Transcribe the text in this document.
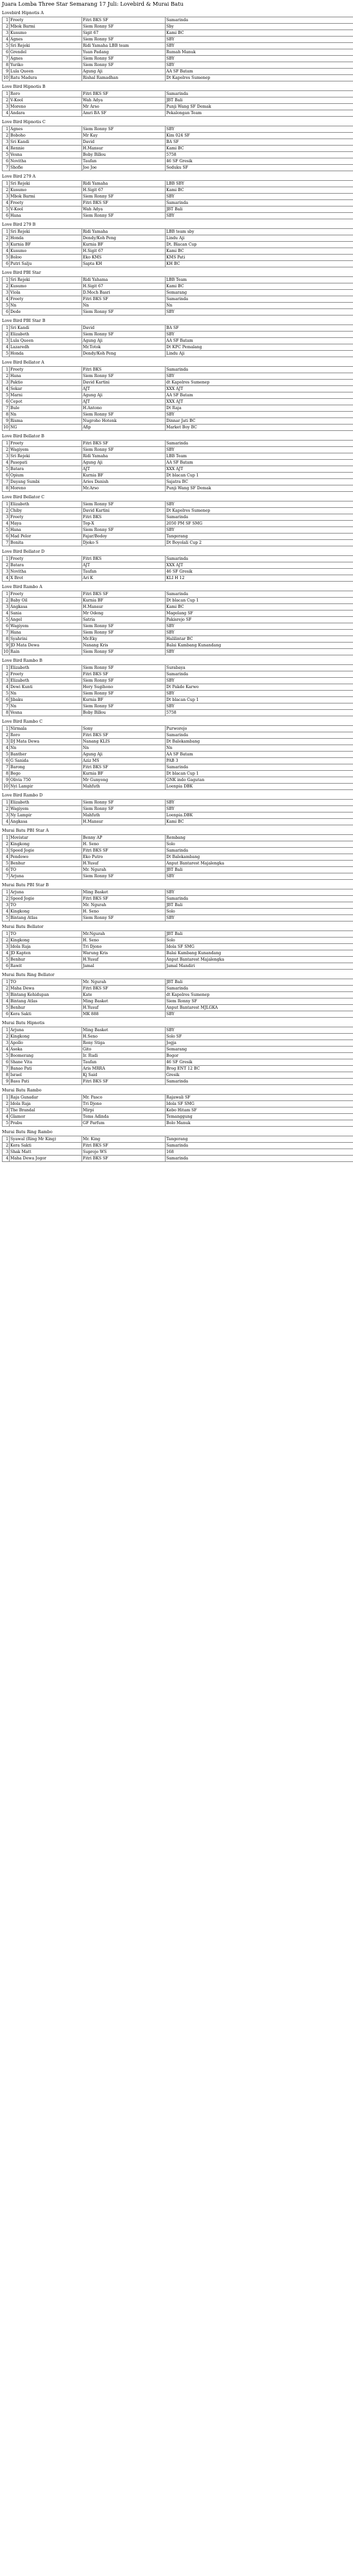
Juara Lomba Three Star Semarang 17 Juli: Lovebird & Murai Batu
Lovebird Hipnotis A
1	Freety	Fitri BKS SF	Samarinda
2	Mbok Barmi	Siem Ronny SF	Sby
3	Kusumo	Sigit 67	Kami BC
4	Agnes	Siem Ronny SF	SBY
5	Sri Rejeki	Ridi Yamaha LBB team	SBY
6	Grendel	Yuan Padang	Rumah Manuk
7	Agnes	Siem Ronny SF	SBY
8	Yuriko	Siem Ronny SF	SBY
9	Lula Queen	Agung Aji	AA SF Batam
10	Ratu Madura	Rishal Ramadhan	Dt Kapolres Sumenep
Love Bird Hipnotis B
1	Roro	Fitri BKS SF	Samarinda
2	V-Kool	Wah Adya	JBT Bali
3	Moreno	Mr Arso	Punji Wang SF Demak
4	Andara	Amri BA SF	Pekalongan Team
Love Bird Hipnotis C
1	Agnes	Siem Ronny SF	SBY
2	Boboho	Mr Kay	Kim 024 SF
3	Sri Kandi	David	BA SF
4	Rennie	H.Mansur	Kami BC
5	Vesna	Boby Billou	5758
6	Novitha	Taufan	46 SF Gresik
7	Shofie	Joe Joe	Seduku SF
Love Bird 279 A
1	Sri Rejeki	Ridi Yamaha	LBB SBY
2	Kusumo	H.Sigit 67	Kami BC
3	Mbok Barmi	Siem Ronny SF	SBY
4	Freety	Fitri BKS SF	Samarinda
5	V-Kool	Wah Adya	JBT Bali
6	Hana	Siem Ronny SF	SBY
Love Bird 279 B
1	Sri Rejeki	Ridi Yamaha	LBB team sby
2	Honda	Dendy/Koh Peng	Lindu Aji
3	Kurnia BF	Kurnia BF	Dt. Blacan Cup
4	Kusumo	H.Sigit 67	Kami BC
5	Boloo	Eko KMS	KMS Pati
6	Putri Salju	Sapta KH	KH BC
Love Bird PBI Star
1	Sri Rejeki	Ridi Yahama	LBB Team
2	Kusumo	H.Sigit 67	Kami BC
3	Viola	D.Moch Basri	Semarang
4	Freety	Fitri BKS SF	Samarinda
5	Nn	Nn	Nn
6	Dede	Siem Ronny SF	SBY
Love Bird PBI Star B
1	Sri Kandi	David	BA SF
2	Elizabeth	Siem Ronny SF	SBY
3	Lula Queen	Agung Aji	AA SF Batam
4	Lazaredh	Mr.Totok	Dt KPC Pemalang
5	Honda	Dendy/Koh Peng	Lindu Aji
Love Bird Bellator A
1	Freety	Fitri BKS	Samarinda
2	Hana	Siem Ronny SF	SBY
3	Paktio	David Kartini	dt Kapolres Sumenep
4	Sekar	AJT	XXX AJT
5	Marni	Agung Aji	AA SF Batam
6	Cepot	AJT	XXX AJT
7	Bule	H.Antono	Dt Raja
8	Nn	Siem Ronny SF	SBY
9	Risma	Nugroho Hotenk	Dinnar Jati BC
10	NG	Afip	Market Boy BC
Love Bird Bellator B
1	Freety	Fitri BKS SF	Samarinda
2	Wagiyem	Siem Ronny SF	SBY
3	Sri Rejeki	Ridi Yamaha	LBB Team
4	Pasopati	Agung Aji	AA SF Batam
5	Batara	AJT	XXX AJT
6	Opium	Kurnia BF	Dt blacan Cup 1
7	Dayang Sumbi	Aries Danish	Sajatra BC
8	Moreno	Mr.Arso	Punji Wang SF Demak
Love Bird Bellator C
1	Elizabeth	Siem Ronny SF	SBY
2	Chiby	David Kartini	Dt Kapolres Sumenep
3	Freety	Fitri BKS	Samarinda
4	Maya	Top-X	2050 PM SF SMG
5	Hana	Siem Ronny SF	SBY
6	Mad Pelor	Fajar/Bodoy	Tangerang
7	Bonita	Djoko S	Dt Boyolali Cup 2
Love Bird Bellator D
1	Freety	Fitri BKS	Samarinda
2	Batara	AJT	XXX AJT
3	Novitha	Taufan	46 SF Gresik
4	X Brot	Ari K	KLI H 12
Love Bird Rambo A
1	Freety	Fitri BKS SF	Samarinda
2	Baby Oil	Kurnia BF	Dt blacan Cup 1
3	Angkasa	H.Mansur	Kami BC
4	Sania	Mr Odeng	Magelang SF
5	Angel	Satria	Pakisrejo SF
6	Wagiyem	Siem Ronny SF	SBY
7	Hana	Siem Ronny SF	SBY
8	Syahrini	Mr.Eky	Halilintar BC
9	JD Mata Dewa	Nanang Kris	Balai Kambang Kunandang
10	Rain	Siem Ronny SF	SBY
Love Bird Rambo B
1	Elizabeth	Siem Ronny SF	Surabaya
2	Freety	Fitri BKS SF	Samarinda
3	Elizabeth	Siem Ronny SF	SBY
4	Dewi Kunti	Hery Sugihono	Dt Pakde Karwo
5	Nn	Siem Ronny SF	SBY
6	Jibaku	Kurnia BF	Dt blacan Cup 1
7	Nn	Siem Ronny SF	SBY
8	Vesna	Boby Billou	5758
Love Bird Rambo C
1	Nirmala	Sony	Purworejo
2	Roro	Fitri BKS SF	Samarinda
3	DJ Mata Dewa	Nanang KLIS	Dt Balekambang
4	Nn	Nn	Nn
5	Banther	Agung Aji	AA SF Batam
6	G Sanida	Aziz MS	PAB 3
7	Barong	Fitri BKS SF	Samarinda
8	Bego	Kurnia BF	Dt blacan Cup 1
9	Olivia 750	Mr Gunyong	GNK indo Gagutan
10	Nyi Lampir	Mahfuth	Loenpia DBK
Love Bird Rambo D
1	Elizabeth	Siem Ronny SF	SBY
2	Wagiyem	Siem Ronny SF	SBY
3	Ny Lampir	Mahfuth	Loenpia.DBK
4	Angkasa	H.Mansur	Kami BC
Murai Batu PBI Star A
1	Movistar	Benny AP	Rembang
2	Kingkong	H. Seno	Solo
3	Speed Jogie	Fitri BKS SF	Samarinda
4	Pendowo	Eko Putro	Dt Balekambang
5	Benhur	H.Yusuf	Anput Bantarest Majalengka
6	TO	Mr. Ngurah	JBT Bali
7	Arjuna	Siem Ronny SF	SBY
Murai Batu PBI Star B
1	Arjuna	Ming Basket	SBY
2	Speed Jogie	Fitri BKS SF	Samarinda
3	TO	Mr. Ngurah	JBT Bali
4	Kingkong	H. Seno	Solo
5	Bintang Atlas	Siem Ronny SF	SBY
Murai Batu Bellator
1	TO	Mr.Ngurah	JBT Bali
2	Kingkong	H. Seno	Solo
3	Idola Raja	Tri Djono	Idola SF SMG
4	JD Kapten	Warung Kris	Balai Kambang Kunandang
5	Benhur	H.Yusuf	Anput Bantarest Majalengka
6	Rawit	Jamal	Jamal Mandiri
Murai Batu Ring Bellator
1	TO	Mr. Ngurah	JBT Bali
2	Maha Dewa	Fitri BKS SF	Samarinda
3	Bintang Kehidupan	Kate	dt Kapolres Sumenep
4	Bintang Atlas	Ming Basket	Siem Ronny SF
5	Benhur	H.Yusuf	Anput Bantarest MJLGKA
6	Kera Sakti	MK 888	SBY
Murai Batu Hipnotis
1	Arjuna	Ming Basket	SBY
2	Kingkong	H.Seno	Solo SF
3	Apollo	Rony Stiga	Jogja
4	Asoka	Gito	Semarang
5	Boomerang	Ir. Rudi	Bogor
6	Shane Vita	Taufan	46 SF Gresik
7	Banao Pati	Aris MRRA	Brog ENT 12 BC
8	Israel	Kj Said	Gresik
9	Basu Pati	Fitri BKS SF	Samarinda
Murai Batu Rambo
1	Raja Gunadar	Mr. Pasco	Rajawali SF
2	Idola Raja	Tri Djono	Idola SF SMG
3	The Brandal	Mirpi	Kebo Hitam SF
4	Glamor	Toms Adinda	Temanggung
5	Prabu	GF Parfum	Bolo Manuk
Murai Batu Ring Rambo
1	Syawal (Ring Mr King)	Mr. King	Tangerang
2	Kera Sakti	Fitri BKS SF	Samarinda
3	Shak Matt	Suprojo WS	168
4	Maha Dewa Jogor	Fitri BKS SF	Samarinda
